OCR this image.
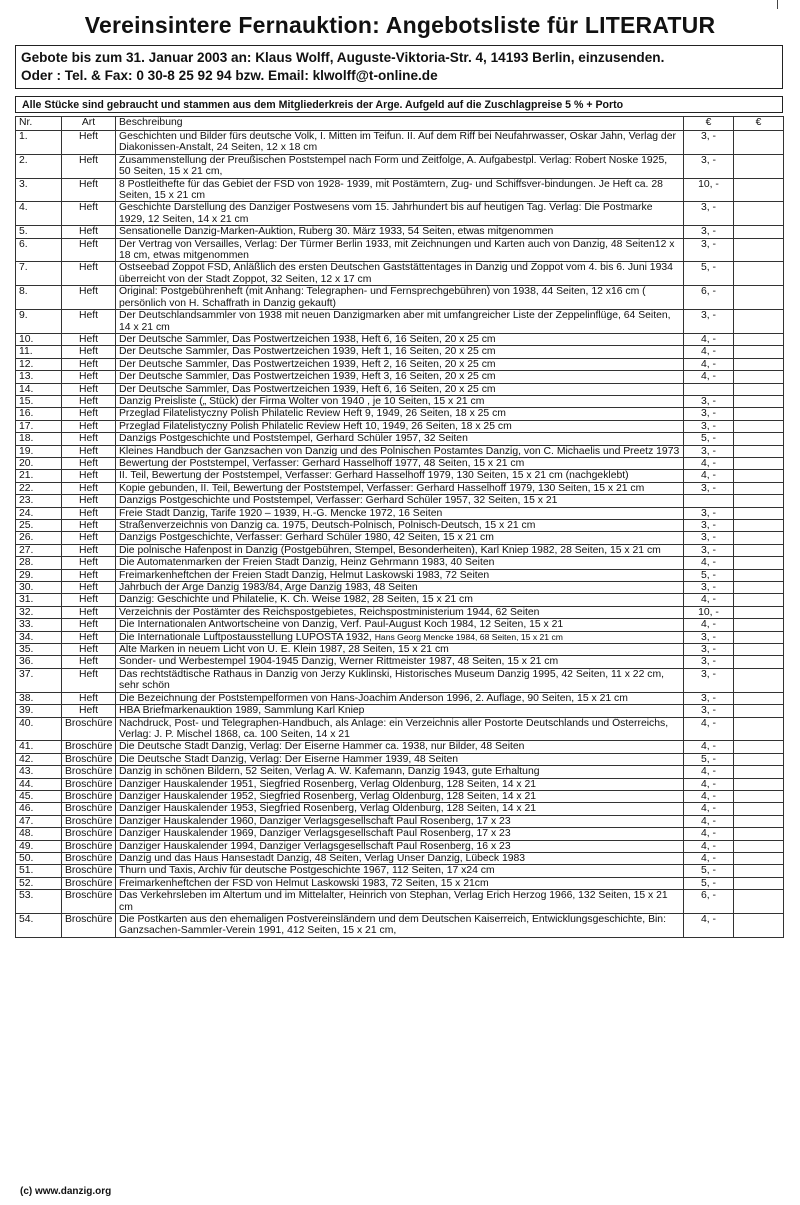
Vereinsintere Fernauktion: Angebotsliste für LITERATUR
Gebote bis zum 31. Januar 2003 an: Klaus Wolff, Auguste-Viktoria-Str. 4, 14193 Berlin, einzusenden.
Oder : Tel. & Fax: 0 30-8 25 92 94 bzw. Email: klwolff@t-online.de
Alle Stücke sind gebraucht und stammen aus dem Mitgliederkreis der Arge. Aufgeld auf die Zuschlagpreise 5 % + Porto
Nr.	Art	Beschreibung	€	€
1.	Heft	Geschichten und Bilder fürs deutsche Volk, I. Mitten im Teifun. II. Auf dem Riff bei Neufahrwasser, Oskar Jahn, Verlag der Diakonissen-Anstalt, 24 Seiten, 12 x 18 cm	3, -	
2.	Heft	Zusammenstellung der Preußischen Poststempel nach Form und Zeitfolge, A. Aufgabestpl. Verlag: Robert Noske 1925, 50 Seiten, 15 x 21 cm,	3, -	
3.	Heft	8 Postleithefte für das Gebiet der FSD von 1928- 1939, mit Postämtern, Zug- und Schiffsver-bindungen. Je Heft ca. 28 Seiten, 15 x 21 cm	10, -	
4.	Heft	Geschichte Darstellung des Danziger Postwesens vom 15. Jahrhundert bis auf heutigen Tag. Verlag: Die Postmarke 1929, 12 Seiten, 14 x 21 cm	3, -	
5.	Heft	Sensationelle Danzig-Marken-Auktion, Ruberg 30. März 1933, 54 Seiten, etwas mitgenommen	3, -	
6.	Heft	Der Vertrag von Versailles, Verlag: Der Türmer Berlin 1933, mit Zeichnungen und Karten auch von Danzig, 48 Seiten12 x 18 cm, etwas mitgenommen	3, -	
7.	Heft	Ostseebad Zoppot FSD, Anläßlich des ersten Deutschen Gaststättentages in Danzig und Zoppot vom 4. bis 6. Juni 1934 überreicht von der Stadt Zoppot, 32 Seiten, 12 x 17 cm	5, -	
8.	Heft	Original: Postgebührenheft (mit Anhang: Telegraphen- und Fernsprechgebühren) von 1938, 44 Seiten, 12 x16 cm ( persönlich von H. Schaffrath in Danzig gekauft)	6, -	
9.	Heft	Der Deutschlandsammler von 1938 mit neuen Danzigmarken aber mit umfangreicher Liste der Zeppelinflüge, 64 Seiten, 14 x 21 cm	3, -	
10.	Heft	Der Deutsche Sammler, Das Postwertzeichen 1938, Heft 6, 16 Seiten, 20 x 25 cm	4, -	
11.	Heft	Der Deutsche Sammler, Das Postwertzeichen 1939, Heft 1, 16 Seiten, 20 x 25 cm	4, -	
12.	Heft	Der Deutsche Sammler, Das Postwertzeichen 1939, Heft 2, 16 Seiten, 20 x 25 cm	4, -	
13.	Heft	Der Deutsche Sammler, Das Postwertzeichen 1939, Heft 3, 16 Seiten, 20 x 25 cm	4, -	
14.	Heft	Der Deutsche Sammler, Das Postwertzeichen 1939, Heft 6, 16 Seiten, 20 x 25 cm		
15.	Heft	Danzig Preisliste („ Stück) der Firma Wolter von 1940 , je 10 Seiten, 15 x 21 cm	3, -	
16.	Heft	Przeglad Filatelistyczny Polish Philatelic Review Heft 9, 1949, 26 Seiten, 18 x 25 cm	3, -	
17.	Heft	Przeglad Filatelistyczny Polish Philatelic Review Heft 10, 1949, 26 Seiten, 18 x 25 cm	3, -	
18.	Heft	Danzigs Postgeschichte und Poststempel, Gerhard Schüler 1957, 32 Seiten	5, -	
19.	Heft	Kleines Handbuch der Ganzsachen von Danzig und des Polnischen Postamtes Danzig, von C. Michaelis und Preetz 1973	3, -	
20.	Heft	Bewertung der Poststempel, Verfasser: Gerhard Hasselhoff 1977, 48 Seiten, 15 x 21 cm	4, -	
21.	Heft	II. Teil, Bewertung der Poststempel, Verfasser: Gerhard Hasselhoff 1979, 130 Seiten, 15 x 21 cm (nachgeklebt)	4, -	
22.	Heft	Kopie gebunden, II. Teil, Bewertung der Poststempel, Verfasser: Gerhard Hasselhoff 1979, 130 Seiten, 15 x 21 cm	3, -	
23.	Heft	Danzigs Postgeschichte und Poststempel, Verfasser: Gerhard Schüler 1957, 32 Seiten, 15 x 21		
24.	Heft	Freie Stadt Danzig, Tarife 1920 – 1939, H.-G. Mencke 1972, 16 Seiten	3, -	
25.	Heft	Straßenverzeichnis von Danzig ca. 1975, Deutsch-Polnisch, Polnisch-Deutsch, 15 x 21 cm	3, -	
26.	Heft	Danzigs Postgeschichte, Verfasser: Gerhard Schüler 1980, 42 Seiten, 15 x 21 cm	3, -	
27.	Heft	Die polnische Hafenpost in Danzig (Postgebühren, Stempel, Besonderheiten), Karl Kniep 1982, 28 Seiten, 15 x 21 cm	3, -	
28.	Heft	Die Automatenmarken der Freien Stadt Danzig, Heinz Gehrmann 1983, 40 Seiten	4, -	
29.	Heft	Freimarkenheftchen der Freien Stadt Danzig, Helmut Laskowski 1983, 72 Seiten	5, -	
30.	Heft	Jahrbuch der Arge Danzig 1983/84, Arge Danzig 1983, 48 Seiten	3, -	
31.	Heft	Danzig: Geschichte und Philatelie, K. Ch. Weise 1982, 28 Seiten, 15 x 21 cm	4, -	
32.	Heft	Verzeichnis der Postämter des Reichspostgebietes, Reichspostministerium 1944, 62 Seiten	10, -	
33.	Heft	Die Internationalen Antwortscheine von Danzig, Verf. Paul-August Koch 1984, 12 Seiten, 15 x 21	4, -	
34.	Heft	Die Internationale Luftpostausstellung LUPOSTA 1932, Hans Georg Mencke 1984, 68 Seiten, 15 x 21 cm	3, -	
35.	Heft	Alte Marken in neuem Licht von U. E. Klein 1987, 28 Seiten, 15 x 21 cm	3, -	
36.	Heft	Sonder- und Werbestempel 1904-1945 Danzig, Werner Rittmeister 1987, 48 Seiten, 15 x 21 cm	3, -	
37.	Heft	Das rechtstädtische Rathaus in Danzig von Jerzy Kuklinski, Historisches Museum Danzig 1995, 42 Seiten, 11 x 22 cm, sehr schön	3, -	
38.	Heft	Die Bezeichnung der Poststempelformen von Hans-Joachim Anderson 1996, 2. Auflage, 90 Seiten, 15 x 21 cm	3, -	
39.	Heft	HBA Briefmarkenauktion 1989, Sammlung Karl Kniep	3, -	
40.	Broschüre	Nachdruck, Post- und Telegraphen-Handbuch, als Anlage: ein Verzeichnis aller Postorte Deutschlands und Österreichs, Verlag: J. P. Mischel 1868, ca. 100 Seiten, 14 x 21	4, -	
41.	Broschüre	Die Deutsche Stadt Danzig, Verlag: Der Eiserne Hammer ca. 1938, nur Bilder, 48 Seiten	4, -	
42.	Broschüre	Die Deutsche Stadt Danzig, Verlag: Der Eiserne Hammer 1939, 48 Seiten	5, -	
43.	Broschüre	Danzig in schönen Bildern, 52 Seiten, Verlag A. W. Kafemann, Danzig 1943, gute Erhaltung	4, -	
44.	Broschüre	Danziger Hauskalender 1951, Siegfried Rosenberg, Verlag Oldenburg, 128 Seiten, 14 x 21	4, -	
45.	Broschüre	Danziger Hauskalender 1952, Siegfried Rosenberg, Verlag Oldenburg, 128 Seiten, 14 x 21	4, -	
46.	Broschüre	Danziger Hauskalender 1953, Siegfried Rosenberg, Verlag Oldenburg, 128 Seiten, 14 x 21	4, -	
47.	Broschüre	Danziger Hauskalender 1960, Danziger Verlagsgesellschaft Paul Rosenberg, 17 x 23	4, -	
48.	Broschüre	Danziger Hauskalender 1969, Danziger Verlagsgesellschaft Paul Rosenberg, 17 x 23	4, -	
49.	Broschüre	Danziger Hauskalender 1994, Danziger Verlagsgesellschaft Paul Rosenberg, 16 x 23	4, -	
50.	Broschüre	Danzig und das Haus Hansestadt Danzig, 48 Seiten, Verlag Unser Danzig, Lübeck 1983	4, -	
51.	Broschüre	Thurn und Taxis, Archiv für deutsche Postgeschichte 1967, 112 Seiten, 17 x24 cm	5, -	
52.	Broschüre	Freimarkenheftchen der FSD von Helmut Laskowski 1983, 72 Seiten, 15 x 21cm	5, -	
53.	Broschüre	Das Verkehrsleben im Altertum und im Mittelalter, Heinrich von Stephan, Verlag Erich Herzog 1966, 132 Seiten, 15 x 21 cm	6, -	
54.	Broschüre	Die Postkarten aus den ehemaligen Postvereinsländern und dem Deutschen Kaiserreich, Entwicklungsgeschichte, Bin: Ganzsachen-Sammler-Verein 1991, 412 Seiten, 15 x 21 cm,	4, -	
(c) www.danzig.org
